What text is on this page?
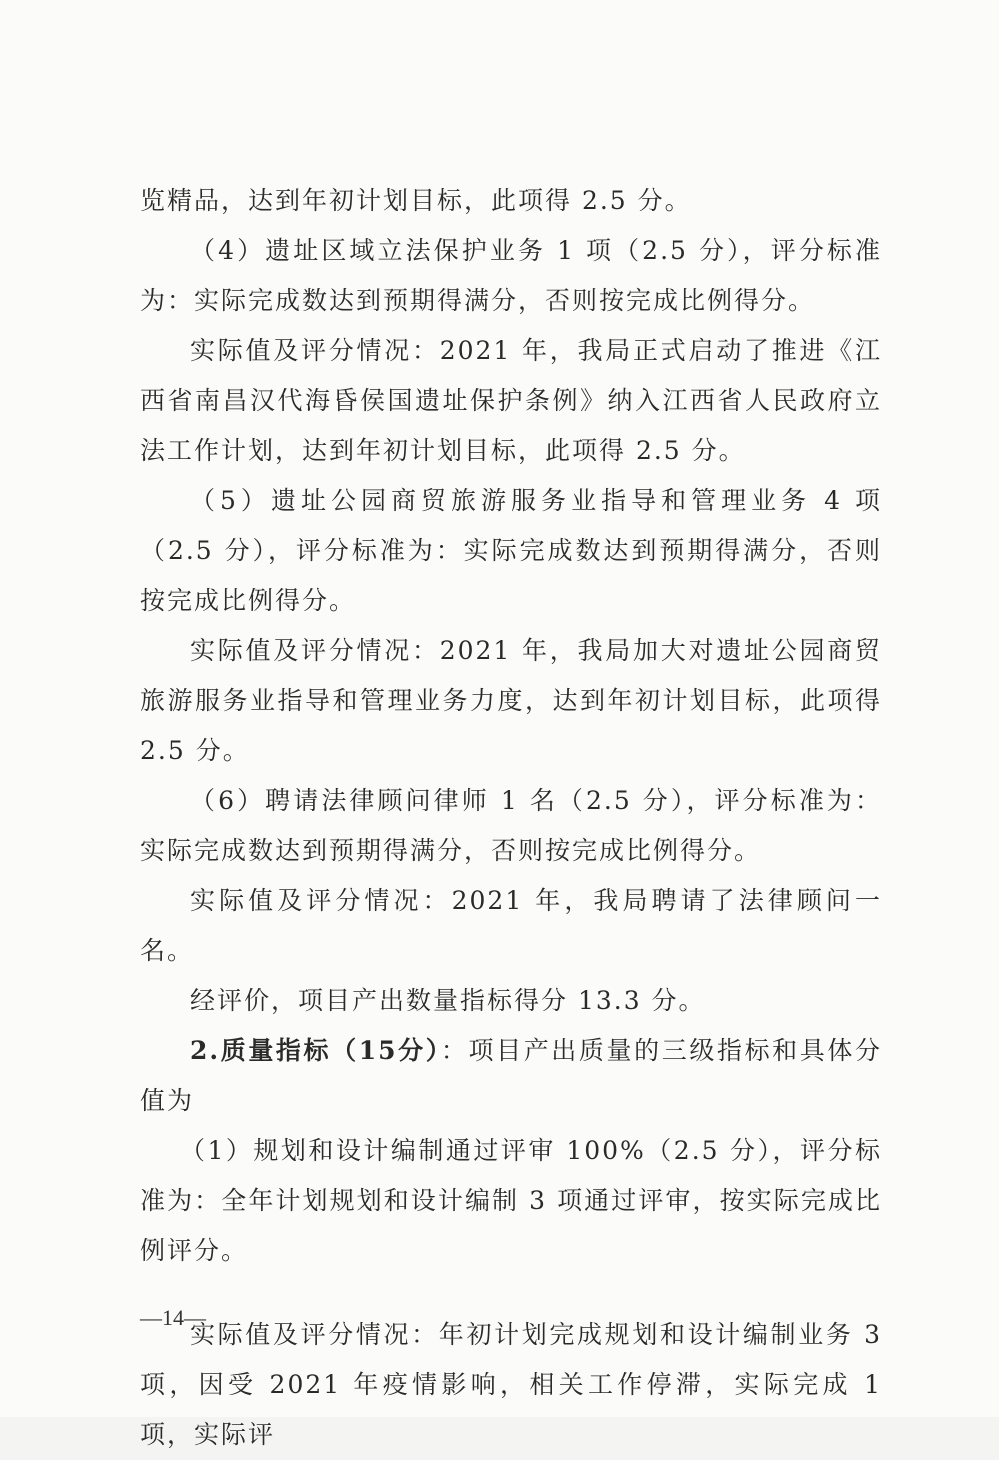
览精品，达到年初计划目标，此项得 2.5 分。

（4）遗址区域立法保护业务 1 项（2.5 分），评分标准为：实际完成数达到预期得满分，否则按完成比例得分。

实际值及评分情况：2021 年，我局正式启动了推进《江西省南昌汉代海昏侯国遗址保护条例》纳入江西省人民政府立法工作计划，达到年初计划目标，此项得 2.5 分。

（5）遗址公园商贸旅游服务业指导和管理业务 4 项（2.5 分），评分标准为：实际完成数达到预期得满分，否则按完成比例得分。

实际值及评分情况：2021 年，我局加大对遗址公园商贸旅游服务业指导和管理业务力度，达到年初计划目标，此项得 2.5 分。

（6）聘请法律顾问律师 1 名（2.5 分），评分标准为：实际完成数达到预期得满分，否则按完成比例得分。

实际值及评分情况：2021 年，我局聘请了法律顾问一名。

经评价，项目产出数量指标得分 13.3 分。

2.质量指标（15分）：项目产出质量的三级指标和具体分值为

（1）规划和设计编制通过评审 100%（2.5 分），评分标准为：全年计划规划和设计编制 3 项通过评审，按实际完成比例评分。

实际值及评分情况：年初计划完成规划和设计编制业务 3 项，因受 2021 年疫情影响，相关工作停滞，实际完成 1 项，实际评

—14—
